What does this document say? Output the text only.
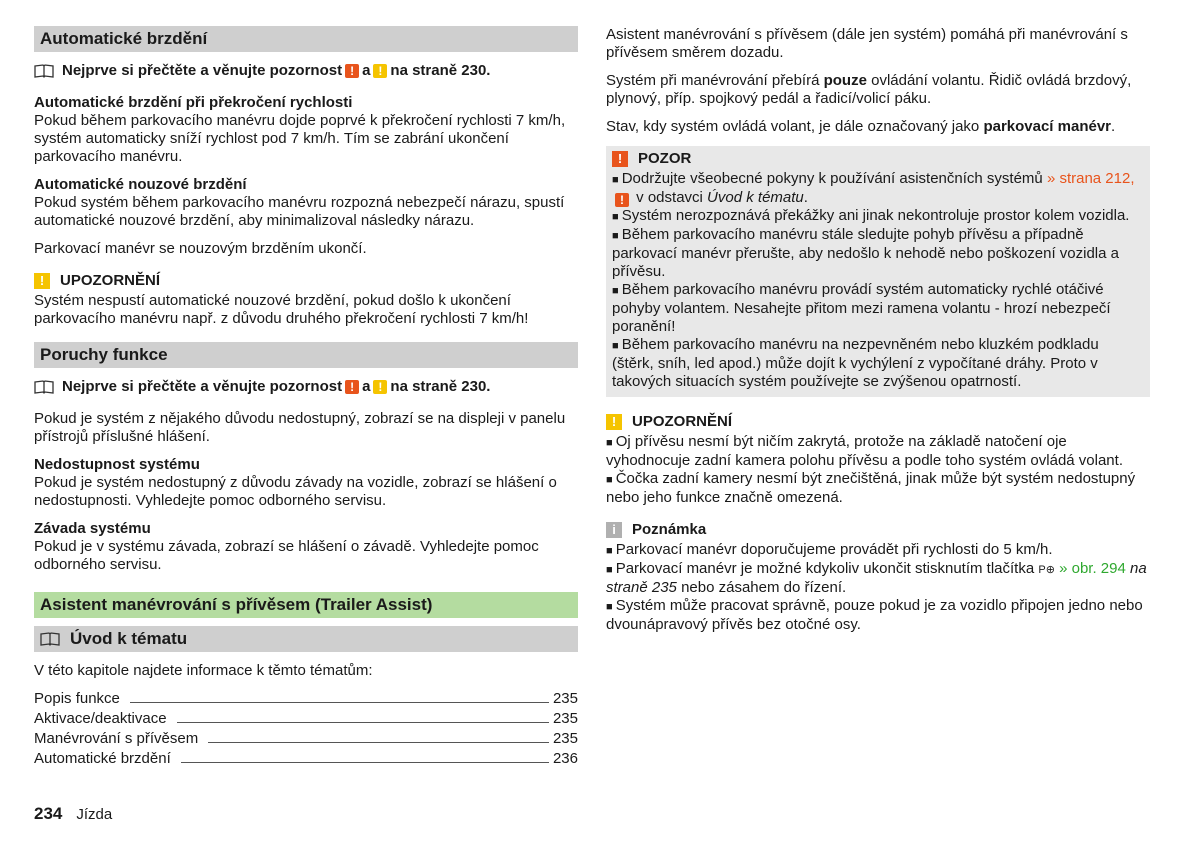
Automatické brzdění
Nejprve si přečtěte a věnujte pozornost ! a ! na straně 230.

Automatické brzdění při překročení rychlosti

Pokud během parkovacího manévru dojde poprvé k překročení rychlosti 7 km/h, systém automaticky sníží rychlost pod 7 km/h. Tím se zabrání ukončení parkovacího manévru.

Automatické nouzové brzdění

Pokud systém během parkovacího manévru rozpozná nebezpečí nárazu, spustí automatické nouzové brzdění, aby minimalizoval následky nárazu.

Parkovací manévr se nouzovým brzděním ukončí.

!	UPOZORNĚNÍ

Systém nespustí automatické nouzové brzdění, pokud došlo k ukončení parkovacího manévru např. z důvodu druhého překročení rychlosti 7 km/h!

Poruchy funkce
Nejprve si přečtěte a věnujte pozornost ! a ! na straně 230.

Pokud je systém z nějakého důvodu nedostupný, zobrazí se na displeji v panelu přístrojů příslušné hlášení.

Nedostupnost systému

Pokud je systém nedostupný z důvodu závady na vozidle, zobrazí se hlášení o nedostupnosti. Vyhledejte pomoc odborného servisu.

Závada systému

Pokud je v systému závada, zobrazí se hlášení o závadě. Vyhledejte pomoc odborného servisu.

Asistent manévrování s přívěsem (Trailer Assist)
Úvod k tématu

V této kapitole najdete informace k těmto tématům:

Popis funkce	235
Aktivace/deaktivace	235
Manévrování s přívěsem	235
Automatické brzdění	236

Asistent manévrování s přívěsem (dále jen systém) pomáhá při manévrování s přívěsem směrem dozadu.

Systém při manévrování přebírá pouze ovládání volantu. Řidič ovládá brzdový, plynový, příp. spojkový pedál a řadicí/volicí páku.

Stav, kdy systém ovládá volant, je dále označovaný jako parkovací manévr.

!	POZOR
■ Dodržujte všeobecné pokyny k používání asistenčních systémů » strana 212, ! v odstavci Úvod k tématu.
■ Systém nerozpoznává překážky ani jinak nekontroluje prostor kolem vozidla.
■ Během parkovacího manévru stále sledujte pohyb přívěsu a případně parkovací manévr přerušte, aby nedošlo k nehodě nebo poškození vozidla a přívěsu.
■ Během parkovacího manévru provádí systém automaticky rychlé otáčivé pohyby volantem. Nesahejte přitom mezi ramena volantu - hrozí nebezpečí poranění!
■ Během parkovacího manévru na nezpevněném nebo kluzkém podkladu (štěrk, sníh, led apod.) může dojít k vychýlení z vypočítané dráhy. Proto v takových situacích systém používejte se zvýšenou opatrností.
!	UPOZORNĚNÍ
■ Oj přívěsu nesmí být ničím zakrytá, protože na základě natočení oje vyhodnocuje zadní kamera polohu přívěsu a podle toho systém ovládá volant.
■ Čočka zadní kamery nesmí být znečištěná, jinak může být systém nedostupný nebo jeho funkce značně omezená.
i	Poznámka
■ Parkovací manévr doporučujeme provádět při rychlosti do 5 km/h.
■ Parkovací manévr je možné kdykoliv ukončit stisknutím tlačítka P⊕ » obr. 294 na straně 235 nebo zásahem do řízení.
■ Systém může pracovat správně, pouze pokud je za vozidlo připojen jedno nebo dvounápravový přívěs bez otočné osy.
234 Jízda
